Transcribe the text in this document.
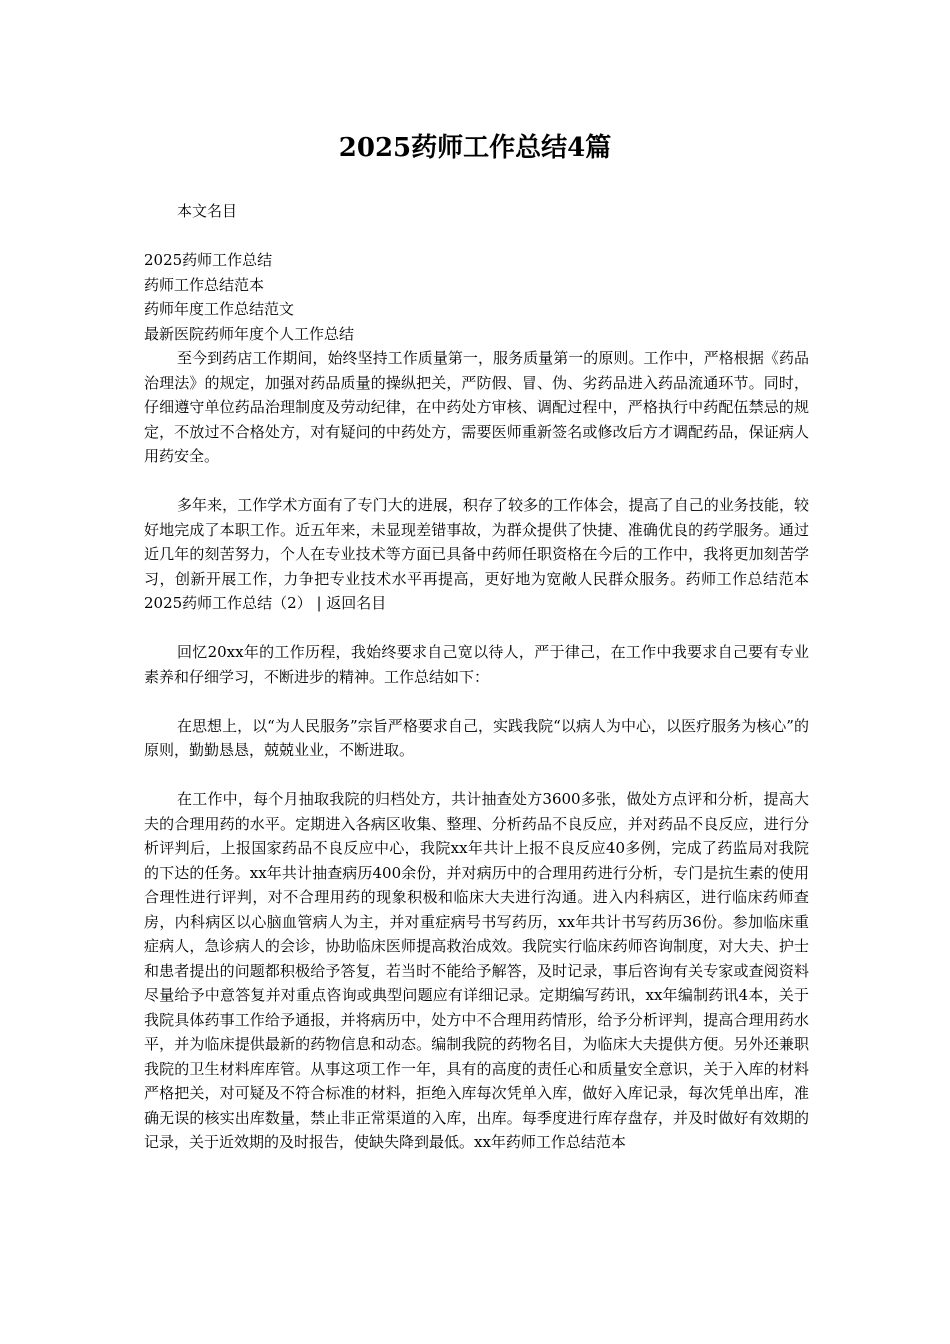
2025药师工作总结4篇

本文名目

2025药师工作总结
药师工作总结范本
药师年度工作总结范文
最新医院药师年度个人工作总结

至今到药店工作期间，始终坚持工作质量第一，服务质量第一的原则。工作中，严格根据《药品治理法》的规定，加强对药品质量的操纵把关，严防假、冒、伪、劣药品进入药品流通环节。同时，仔细遵守单位药品治理制度及劳动纪律，在中药处方审核、调配过程中，严格执行中药配伍禁忌的规定，不放过不合格处方，对有疑问的中药处方，需要医师重新签名或修改后方才调配药品，保证病人用药安全。

多年来，工作学术方面有了专门大的进展，积存了较多的工作体会，提高了自己的业务技能，较好地完成了本职工作。近五年来，未显现差错事故，为群众提供了快捷、准确优良的药学服务。通过近几年的刻苦努力，个人在专业技术等方面已具备中药师任职资格在今后的工作中，我将更加刻苦学习，创新开展工作，力争把专业技术水平再提高，更好地为宽敞人民群众服务。药师工作总结范本 2025药师工作总结（2） | 返回名目

回忆20xx年的工作历程，我始终要求自己宽以待人，严于律己，在工作中我要求自己要有专业素养和仔细学习，不断进步的精神。工作总结如下：

在思想上，以“为人民服务”宗旨严格要求自己，实践我院“以病人为中心，以医疗服务为核心”的原则，勤勤恳恳，兢兢业业，不断进取。

在工作中，每个月抽取我院的归档处方，共计抽查处方3600多张，做处方点评和分析，提高大夫的合理用药的水平。定期进入各病区收集、整理、分析药品不良反应，并对药品不良反应，进行分析评判后，上报国家药品不良反应中心，我院xx年共计上报不良反应40多例，完成了药监局对我院的下达的任务。xx年共计抽查病历400余份，并对病历中的合理用药进行分析，专门是抗生素的使用合理性进行评判，对不合理用药的现象积极和临床大夫进行沟通。进入内科病区，进行临床药师查房，内科病区以心脑血管病人为主，并对重症病号书写药历，xx年共计书写药历36份。参加临床重症病人，急诊病人的会诊，协助临床医师提高救治成效。我院实行临床药师咨询制度，对大夫、护士和患者提出的问题都积极给予答复，若当时不能给予解答，及时记录，事后咨询有关专家或查阅资料尽量给予中意答复并对重点咨询或典型问题应有详细记录。定期编写药讯，xx年编制药讯4本，关于我院具体药事工作给予通报，并将病历中，处方中不合理用药情形，给予分析评判，提高合理用药水平，并为临床提供最新的药物信息和动态。编制我院的药物名目，为临床大夫提供方便。另外还兼职我院的卫生材料库库管。从事这项工作一年，具有的高度的责任心和质量安全意识，关于入库的材料严格把关，对可疑及不符合标准的材料，拒绝入库每次凭单入库，做好入库记录，每次凭单出库，准确无误的核实出库数量，禁止非正常渠道的入库，出库。每季度进行库存盘存，并及时做好有效期的记录，关于近效期的及时报告，使缺失降到最低。xx年药师工作总结范本
